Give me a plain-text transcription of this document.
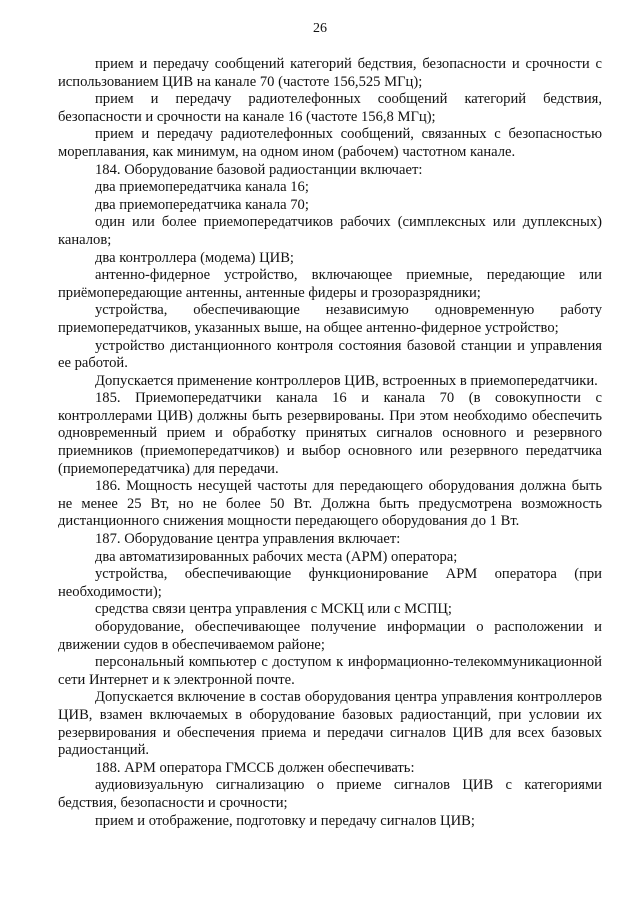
26

прием и передачу сообщений категорий бедствия, безопасности и срочности с использованием ЦИВ на канале 70 (частоте 156,525 МГц);

прием и передачу радиотелефонных сообщений категорий бедствия, безопасности и срочности на канале 16 (частоте 156,8 МГц);

прием и передачу радиотелефонных сообщений, связанных с безопасностью мореплавания, как минимум, на одном ином (рабочем) частотном канале.

184. Оборудование базовой радиостанции включает:

два приемопередатчика канала 16;

два приемопередатчика канала 70;

один или более приемопередатчиков рабочих (симплексных или дуплексных) каналов;

два контроллера (модема) ЦИВ;

антенно-фидерное устройство, включающее приемные, передающие или приёмопередающие антенны, антенные фидеры и грозоразрядники;

устройства, обеспечивающие независимую одновременную работу приемопередатчиков, указанных выше, на общее антенно-фидерное устройство;

устройство дистанционного контроля состояния базовой станции и управления ее работой.

Допускается применение контроллеров ЦИВ, встроенных в приемопередатчики.

185. Приемопередатчики канала 16 и канала 70 (в совокупности с контроллерами ЦИВ) должны быть резервированы. При этом необходимо обеспечить одновременный прием и обработку принятых сигналов основного и резервного приемников (приемопередатчиков) и выбор основного или резервного передатчика (приемопередатчика) для передачи.

186. Мощность несущей частоты для передающего оборудования должна быть не менее 25 Вт, но не более 50 Вт. Должна быть предусмотрена возможность дистанционного снижения мощности передающего оборудования до 1 Вт.

187. Оборудование центра управления включает:

два автоматизированных рабочих места (АРМ) оператора;

устройства, обеспечивающие функционирование АРМ оператора (при необходимости);

средства связи центра управления с МСКЦ или с МСПЦ;

оборудование, обеспечивающее получение информации о расположении и движении судов в обеспечиваемом районе;

персональный компьютер с доступом к информационно-телекоммуникационной сети Интернет и к электронной почте.

Допускается включение в состав оборудования центра управления контроллеров ЦИВ, взамен включаемых в оборудование базовых радиостанций, при условии их резервирования и обеспечения приема и передачи сигналов ЦИВ для всех базовых радиостанций.

188. АРМ оператора ГМССБ должен обеспечивать:

аудиовизуальную сигнализацию о приеме сигналов ЦИВ с категориями бедствия, безопасности и срочности;

прием и отображение, подготовку и передачу сигналов ЦИВ;
